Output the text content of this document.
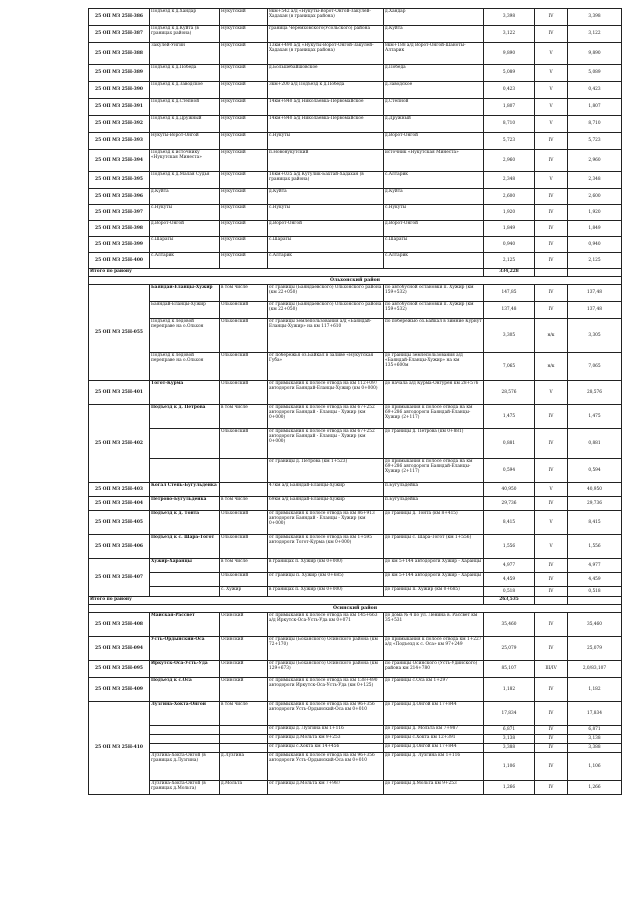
25 ОП МЗ 25Н-386	Подъезд к д.Хандар	Нукутский	8км+542 а/д «Нукуты-Ворот-Онгой-Закулей-Хадахан (в границах района)	д.Хандар	3,398	IV	3,398
25 ОП МЗ 25Н-387	Подъезд к д.Куйта (в границах района)	Нукутский	граница Черемховского(Усольского) района	д.Куйта	3,122	IV	3,122
25 ОП МЗ 25Н-388	Закулей-Унгин	Нукутский	13км+490 а/д «Нукуты-Ворот-Онгой-Закулей-Хадахан (в границах района)	8км+188 а/д Ворот-Онгой-Шаноты-Алтарик	9,890	V	9,890
25 ОП МЗ 25Н-389	Подъезд к д.Победа	Нукутский	д.Большебайшовское	д.Победа	5,089	V	5,089
25 ОП МЗ 25Н-390	Подъезд к д.Заводское	Нукутский	3км+200 а/д Подъезд к д.Победа	д.Заводское	0,423	V	0,423
25 ОП МЗ 25Н-391	Подъезд к д.Степной	Нукутский	14км+840 а/д Николаевка-Первомайское	д.Степной	1,807	V	1,807
25 ОП МЗ 25Н-392	Подъезд к д.Дружный	Нукутский	14км+840 а/д Николаевка-Первомайское	д.Дружный	8,710	V	8,710
25 ОП МЗ 25Н-393	Нукуты-Ворот-Онгой	Нукутский	с.Нукуты	д.Ворот-Онгой	5,723	IV	5,723
25 ОП МЗ 25Н-394	Подъезд к источнику «Нукутская Минеста»	Нукутский	п.Новонукутский	источник «Нукутская Минеста»	2,960	IV	2,960
25 ОП МЗ 25Н-395	Подъезд к д.Малая Судья	Нукутский	16км+035 а/д Кутулик-Бахтай-Хадахан (в границах района)	с.Алтарик	2,348	V	2,348
25 ОП МЗ 25Н-396	д.Куйта	Нукутский	д.Куйта	д.Куйта	2,600	IV	2,600
25 ОП МЗ 25Н-397	с.Нукуты	Нукутский	с.Нукуты	с.Нукуты	1,920	IV	1,920
25 ОП МЗ 25Н-398	д.Ворот-Онгой	Нукутский	д.Ворот-Онгой	д.Ворот-Онгой	1,849	IV	1,849
25 ОП МЗ 25Н-399	с.Шараты	Нукутский	с.Шараты	с.Шараты	0,940	IV	0,940
25 ОП МЗ 25Н-400	с.Алтарик	Нукутский	с.Алтарик	с.Алтарик	2,125	IV	2,125
Итого по району					334,228		
Ольхонский район							
25 ОП МЗ 25Н-055	Баяндай-Еланцы-Хужир	в том числе	от границы (Баяндаевского) Ольхонского района (км 22+050)	по автобусной остановки п. Хужир (км 159+532)	147,85	IV	137,48
	Баяндай-Еланцы-Хужир	Ольхонский	от границы (Баяндаевского) Ольхонского района (км 22+050)	по автобусной остановки п. Хужир (км 159+532)	137,48	IV	137,48
	Подъезд к ледовой переправе на о.Ольхон	Ольхонский	от границы землепользования а/д «Баяндай-Еланцы-Хужир» на км 117+610	по побережью оз.Байкал в зимние Курнут	3,305	н/к	3,305
	Подъезд к ледовой переправе на о.Ольхон	Ольхонский	от побережья оз.Байкал в заливе «Нукутская Губа»	до границы землепользования а/д «Баяндай-Еланцы-Хужир» на км 135+600м	7,065	н/к	7,065
25 ОП МЗ 25Н-401	Тогот-Курма	Ольхонский	от примыкания к полосе отвода на км 112+097 автодороги Баяндай-Еланцы-Хужир (км 0+000)	до начала а/д Курма-Онгурен км 28+576	28,576	V	28,576
25 ОП МЗ 25Н-402	Подъезд к д. Петрова	в том числе	от примыкания к полосе отвода на км 67+252 автодороги Баяндай - Еланцы - Хужир (км 0+000)	до примыкания к полосе отвода на км 69+286 автодороги Баяндай-Еланцы-Хужир (2+117)	1,475	IV	1,475
		Ольхонский	от примыкания к полосе отвода на км 67+252 автодороги Баяндай - Еланцы - Хужир (км 0+000)	до границы д. Петрова (км 0+881)	0,881	IV	0,881
			от границы д. Петрова (км 1+523)	до примыкания к полосе отвода на км 69+286 автодороги Баяндай-Еланцы-Хужир (2+117)	0,594	IV	0,594
25 ОП МЗ 25Н-403	Когал Степь-Бугульдейка		47км а/д Баяндай-Еланцы-Хужир	п.Бугульдейка	40,950	V	40,950
25 ОП МЗ 25Н-404	Петрово-Бугульдейка	в том числе	69км а/д Баяндай-Еланцы-Хужир	п.Бугульдейка	29,736	IV	29,736
25 ОП МЗ 25Н-405	Подъезд к д. Тонта	Ольхонский	от примыкания к полосе отвода на км 86+913 автодороги Баяндай - Еланцы - Хужир (км 0+000)	до границы д. Тонта (км 8+415)	8,415	V	8,415
25 ОП МЗ 25Н-406	Подъезд к с. Шара-Тогот	Ольхонский	от примыкания к полосе отвода на км 1+595 автодороги Тогот-Курма (км 0+000)	до границы с. Шара-Тогот (км 1+556)	1,556	V	1,556
25 ОП МЗ 25Н-407	Хужир-Харанцы	в том числе	в границах п. Хужир (км 0+000)	до км 5+144 автодороги Хужир - Харанцы	4,977	IV	4,977
		Ольхонский	от границы п. Хужир (км 0+685)	до км 5+144 автодороги Хужир - Харанцы	4,459	IV	4,459
		с. Хужир	в границах п. Хужир (км 0+000)	до границы п. Хужир (км 0+685)	0,518	IV	0,518
Итого по району					263,535		
Осинский район							
25 ОП МЗ 25Н-408	Майская-Рассвет	Осинский	от примыкания к полосе отвода на км 145+663 а/д Иркутск-Оса-Усть-Уда км 0+071	до дома № 4 по ул. Ленина в. Рассвет км 35+531	35,460	IV	35,460
25 ОП МЗ 25Н-094	Усть-Ордынский-Оса	Осинский	от границы (Боханского) Осинского района (км 72+170)	до примыкания к полосе отвода км 1+227 а/д «Подъезд к с. Оса» км 97+249	25,079	IV	25,079
25 ОП МЗ 25Н-095	Иркутск-Оса-Усть-Уда	Осинский	от границы (Боханского) Осинского района (км 129+673)	по границы Осинского (Усть-Удинского) района км 214+780	85,107	III/IV	2,0/83,107
25 ОП МЗ 25Н-409	Подъезд к с.Оса	Осинский	от примыкания к полосе отвода на км 138+490 автодороги Иркутск-Оса-Усть-Уда (км 0+125)	до границы с.Оса км 1+297	1,182	IV	1,182
25 ОП МЗ 25Н-410	Лузгина-Хокта-Онгой	в том числе	от примыкания к полосе отвода на км 96+356 автодороги Усть-Ордынский-Оса км 0+010	до границы д.Онгой км 17+844	17,834	IV	17,834
			от границы д. Лузгина км 1+116	до границы д. Мольта км 7+987	6,871	IV	6,871
			от границы д.Мольта км 9+253	до границы с.Хокта км 12+391	3,138	IV	3,138
			от границы с.Хокта км 14+456	до границы д.Онгой км 17+844	3,388	IV	3,388
	Лузгина-Хокта-Онгой (в границах д.Лузгина)	д.Лузгина	от примыкания к полосе отвода на км 96+356 автодороги Усть-Ордынский-Оса км 0+010	до границы д. Лузгина км 1+116	1,106	IV	1,106
	Лузгина-Хокта-Онгой (в границах д.Мольта)	д.Мольта	от границы д.Мольта км 7+987	до границы д.Мольта км 9+253	1,266	IV	1,266
